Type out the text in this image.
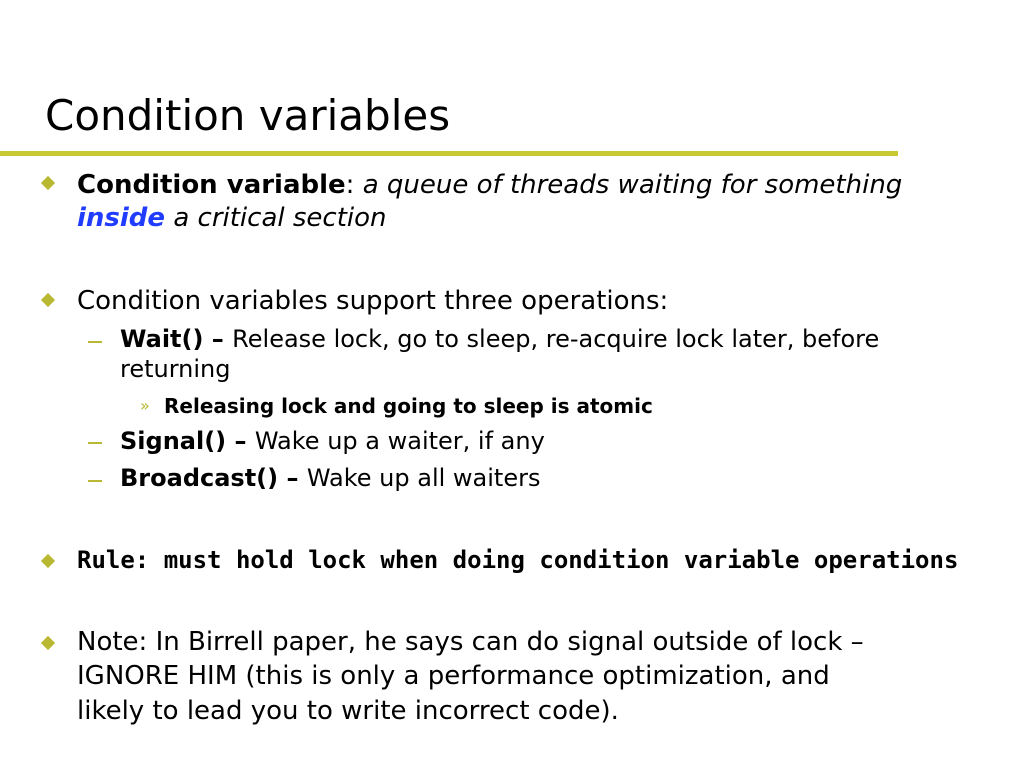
Condition variables
Condition variable: a queue of threads waiting for something
inside a critical section
Condition variables support three operations:
Wait() – Release lock, go to sleep, re-acquire lock later, before
returning
» Releasing lock and going to sleep is atomic
Signal() – Wake up a waiter, if any
Broadcast() – Wake up all waiters
Rule: must hold lock when doing condition variable operations
Note: In Birrell paper, he says can do signal outside of lock –
IGNORE HIM (this is only a performance optimization, and
likely to lead you to write incorrect code).
